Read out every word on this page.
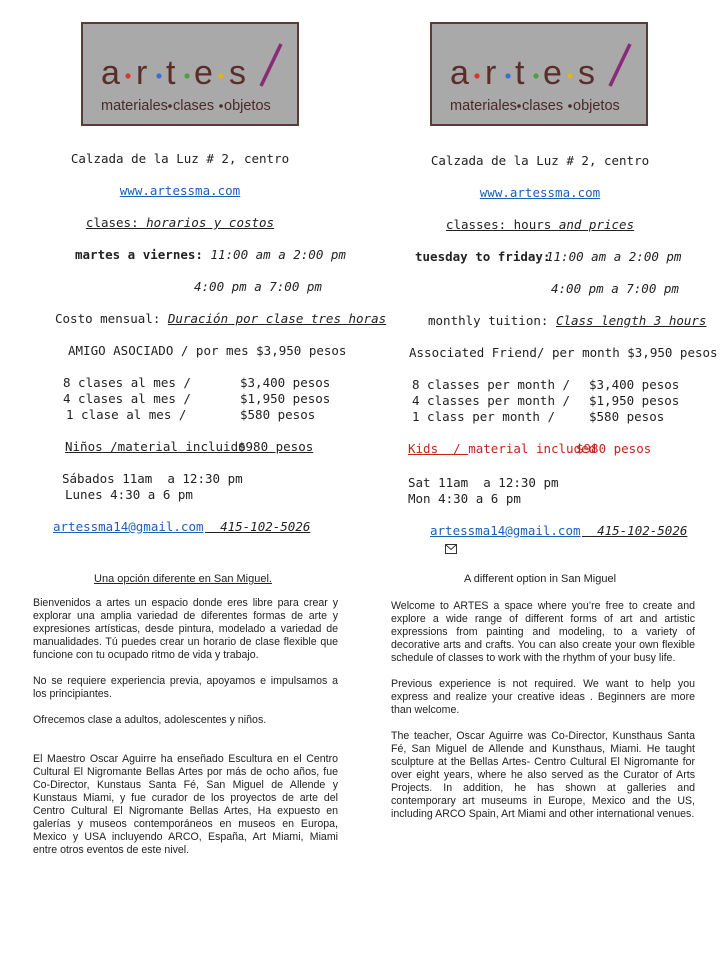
a r t e s
materiales clases objetos
Calzada de la Luz # 2, centro
www.artessma.com
clases: horarios y costos
martes a viernes: 11:00 am a 2:00 pm
4:00 pm a 7:00 pm
Costo mensual: Duración por clase tres horas
AMIGO ASOCIADO / por mes $3,950 pesos
8 clases al mes /	$3,400 pesos
4 clases al mes /	$1,950 pesos
1 clase al mes /	$580 pesos
Niños /material incluido
$980 pesos
Sábados 11am  a 12:30 pm
Lunes 4:30 a 6 pm
artessma14@gmail.com	415-102-5026
Una opción diferente en San Miguel.

Bienvenidos a artes un espacio donde eres libre para crear y explorar una amplia variedad de diferentes formas de arte y expresiones artísticas, desde pintura, modelado a variedad de manualidades. Tú puedes crear un horario de clase flexible que funcione con tu ocupado ritmo de vida y trabajo.

No se requiere experiencia previa, apoyamos e impulsamos a los principiantes.

Ofrecemos clase a adultos, adolescentes y niños.

El Maestro Oscar Aguirre ha enseñado Escultura en el Centro Cultural El Nigromante Bellas Artes por más de ocho años, fue Co-Director, Kunstaus Santa Fé, San Miguel de Allende y Kunstaus Miami, y fue curador de los proyectos de arte del Centro Cultural El Nigromante Bellas Artes, Ha expuesto en galerías y museos contemporáneos en museos en Europa, Mexico y USA incluyendo ARCO, España, Art Miami, Miami entre otros eventos de este nivel.

a r t e s
materiales clases objetos
Calzada de la Luz # 2, centro
www.artessma.com
classes: hours and prices
tuesday to friday:
11:00 am a 2:00 pm
4:00 pm a 7:00 pm
monthly tuition: Class length 3 hours
Associated Friend/ per month $3,950 pesos
8 classes per month / $3,400 pesos
4 classes per month / $1,950 pesos
1 class per month /	$580 pesos
Kids  / material included
$980 pesos
Sat 11am  a 12:30 pm
Mon 4:30 a 6 pm

artessma14@gmail.com	415-102-5026
A different option in San Miguel

Welcome to ARTES a space where you’re free to create and explore a wide range of different forms of art and artistic expressions from painting and modeling, to a variety of decorative arts and crafts. You can also create your own flexible schedule of classes to work with the rhythm of your busy life.

Previous experience is not required. We want to help you express and realize your creative ideas . Beginners are more than welcome.

The teacher, Oscar Aguirre was Co-Director, Kunsthaus Santa Fé, San Miguel de Allende and Kunsthaus, Miami. He taught sculpture at the Bellas Artes- Centro Cultural El Nigromante for over eight years, where he also served as the Curator of Arts Projects. In addition, he has shown at galleries and contemporary art museums in Europe, Mexico and the US, including ARCO Spain, Art Miami and other international venues.
